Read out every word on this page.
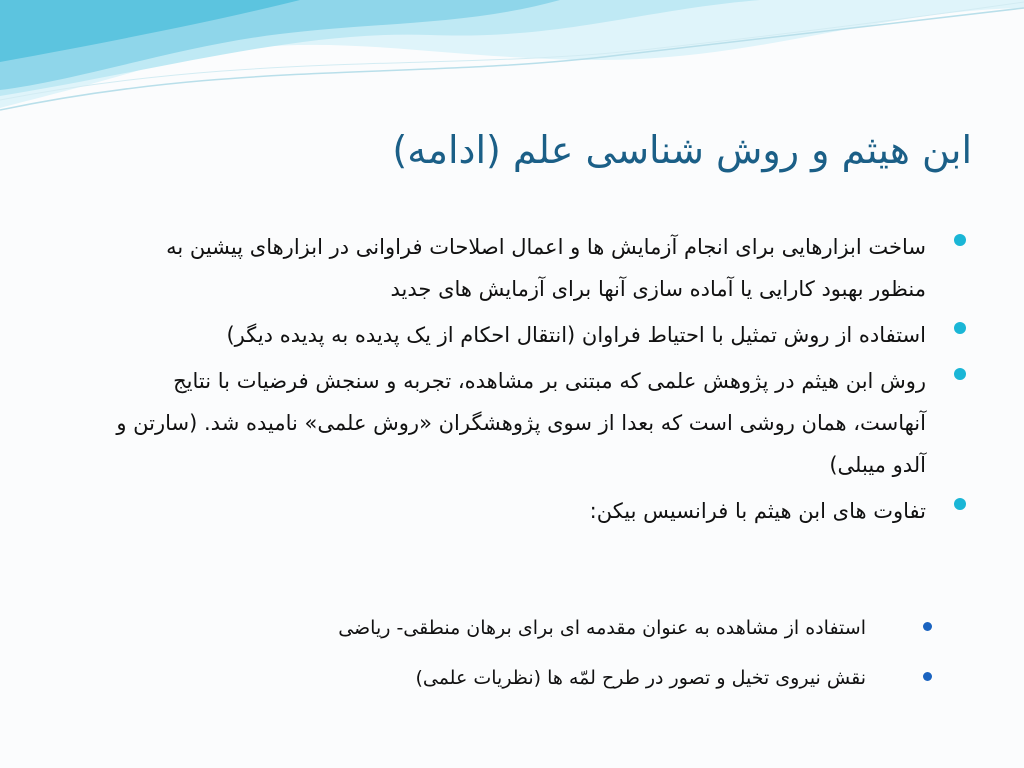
ابن هیثم و روش شناسی علم (ادامه)
ساخت ابزارهایی برای انجام آزمایش ها و اعمال اصلاحات فراوانی در ابزارهای پیشین به منظور بهبود کارایی یا آماده سازی آنها برای آزمایش های جدید
استفاده از روش تمثیل با احتیاط فراوان (انتقال احکام از یک پدیده به پدیده دیگر)
روش ابن هیثم در پژوهش علمی که مبتنی بر مشاهده، تجربه و سنجش فرضیات با نتایج آنهاست، همان روشی است که بعدا از سوی پژوهشگران «روش علمی» نامیده شد. (سارتن و آلدو میبلی)
تفاوت های ابن هیثم با فرانسیس بیکن:
استفاده از مشاهده به عنوان مقدمه ای برای برهان منطقی- ریاضی
نقش نیروی تخیل و تصور در طرح لمّه ها (نظریات علمی)
